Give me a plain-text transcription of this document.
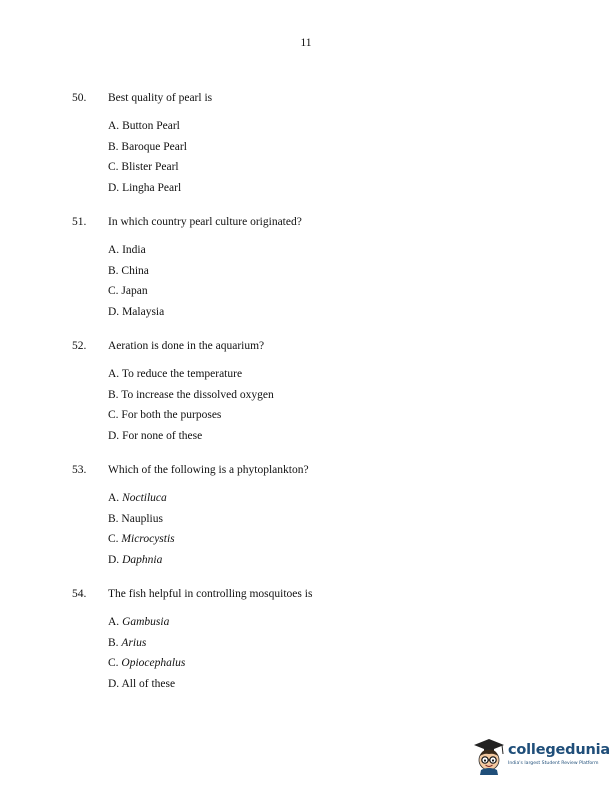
11
50. Best quality of pearl is
A. Button Pearl
B. Baroque Pearl
C. Blister Pearl
D. Lingha Pearl
51. In which country pearl culture originated?
A. India
B. China
C. Japan
D. Malaysia
52. Aeration is done in the aquarium?
A. To reduce the temperature
B. To increase the dissolved oxygen
C. For both the purposes
D. For none of these
53. Which of the following is a phytoplankton?
A. Noctiluca
B. Nauplius
C. Microcystis
D. Daphnia
54. The fish helpful in controlling mosquitoes is
A. Gambusia
B. Arius
C. Opiocephalus
D. All of these
collegedunia
India's largest Student Review Platform
